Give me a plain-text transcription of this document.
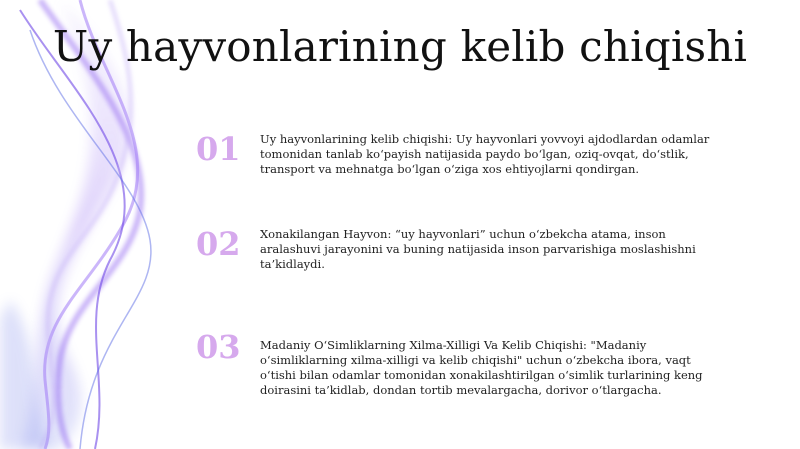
Uy hayvonlarining kelib chiqishi
01	Uy hayvonlarining kelib chiqishi: Uy hayvonlari yovvoyi ajdodlardan odamlar tomonidan tanlab ko‘payish natijasida paydo bo‘lgan, oziq-ovqat, do‘stlik, transport va mehnatga bo‘lgan o‘ziga xos ehtiyojlarni qondirgan.
02	Xonakilangan Hayvon: “uy hayvonlari” uchun o‘zbekcha atama, inson aralashuvi jarayonini va buning natijasida inson parvarishiga moslashishni ta’kidlaydi.
03	Madaniy O‘Simliklarning Xilma-Xilligi Va Kelib Chiqishi: "Madaniy o‘simliklarning xilma-xilligi va kelib chiqishi" uchun o‘zbekcha ibora, vaqt o‘tishi bilan odamlar tomonidan xonakilashtirilgan o‘simlik turlarining keng doirasini ta’kidlab, dondan tortib mevalargacha, dorivor o‘tlargacha.
